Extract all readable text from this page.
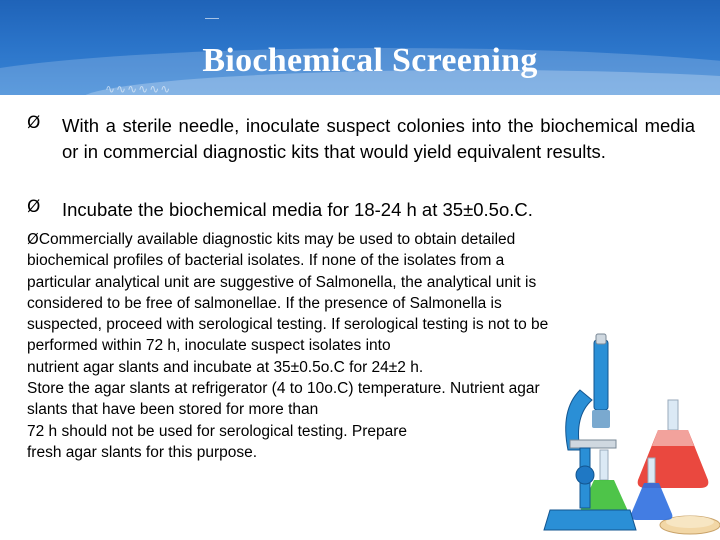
∿∿∿∿∿∿
Biochemical Screening
Ø With a sterile needle, inoculate suspect colonies into the biochemical media or in commercial diagnostic kits that would yield equivalent results.
Ø Incubate the biochemical media for 18-24 h at 35±0.5o.C.
ØCommercially available diagnostic kits may be used to obtain detailed
biochemical profiles of bacterial isolates. If none of the isolates from a
particular analytical unit are suggestive of Salmonella, the analytical unit is
considered to be free of salmonellae. If the presence of Salmonella is
suspected, proceed with serological testing. If serological testing is not to be
performed within 72 h, inoculate suspect isolates into
nutrient agar slants and incubate at 35±0.5o.C for 24±2 h.
Store the agar slants at refrigerator (4 to 10o.C) temperature. Nutrient agar
slants that have been stored for more than
72 h should not be used for serological testing. Prepare
fresh agar slants for this purpose.
